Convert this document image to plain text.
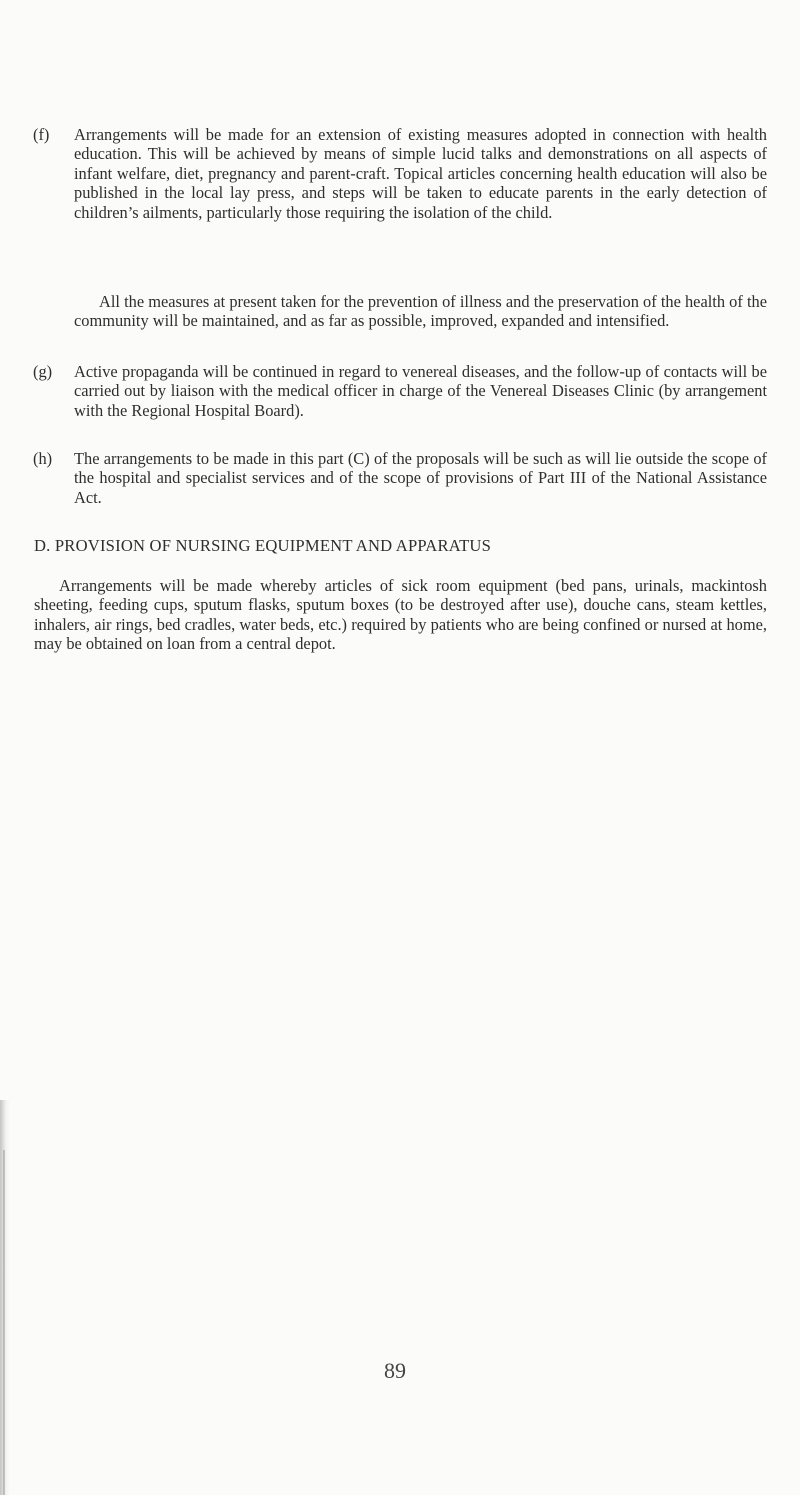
(f) Arrangements will be made for an extension of existing measures adopted in connection with health education. This will be achieved by means of simple lucid talks and demonstrations on all aspects of infant welfare, diet, pregnancy and parent-craft. Topical articles concerning health education will also be published in the local lay press, and steps will be taken to educate parents in the early detection of children’s ailments, particularly those requiring the isolation of the child.

All the measures at present taken for the prevention of illness and the preservation of the health of the community will be maintained, and as far as possible, improved, expanded and intensified.

(g) Active propaganda will be continued in regard to venereal diseases, and the follow-up of contacts will be carried out by liaison with the medical officer in charge of the Venereal Diseases Clinic (by arrangement with the Regional Hospital Board).

(h) The arrangements to be made in this part (C) of the proposals will be such as will lie outside the scope of the hospital and specialist services and of the scope of provisions of Part III of the National Assistance Act.

D. PROVISION OF NURSING EQUIPMENT AND APPARATUS

Arrangements will be made whereby articles of sick room equipment (bed pans, urinals, mackintosh sheeting, feeding cups, sputum flasks, sputum boxes (to be destroyed after use), douche cans, steam kettles, inhalers, air rings, bed cradles, water beds, etc.) required by patients who are being confined or nursed at home, may be obtained on loan from a central depot.

89
